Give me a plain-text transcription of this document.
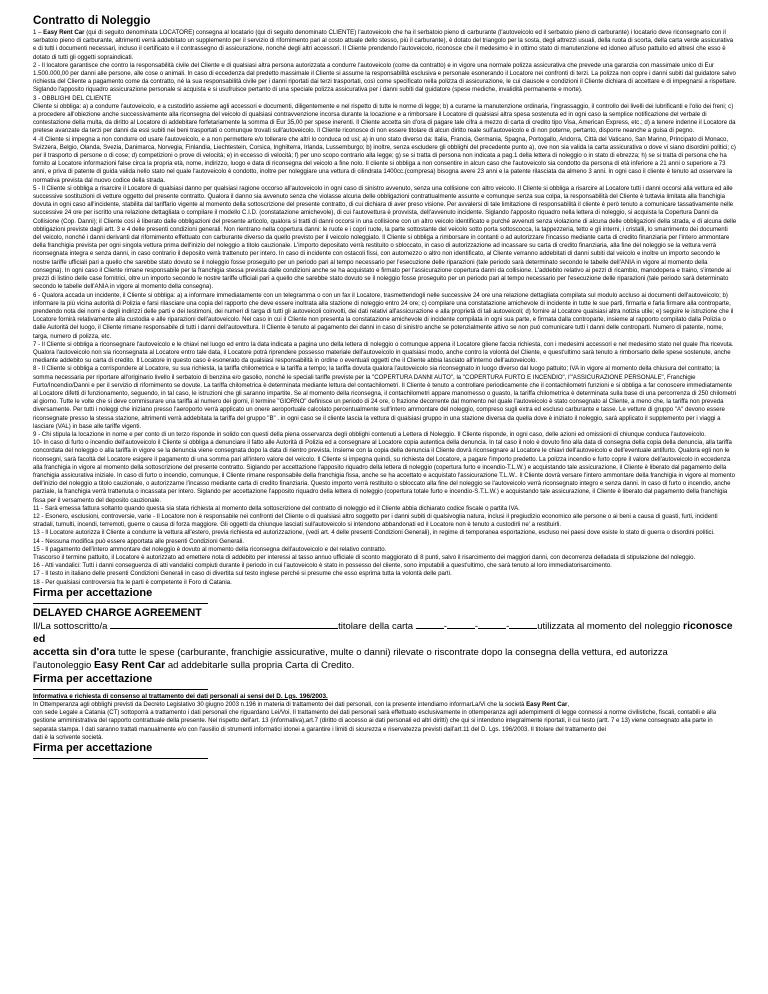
Contratto di Noleggio

1 – Easy Rent Car (qui di seguito denominata LOCATORE) consegna al locatario (qui di seguito denominato CLIENTE) l'autoveicolo che ha il serbatoio pieno di carburante (l'autoveicolo ed il serbatoio pieno di carburante) i locatario deve riconsegnarlo con il serbatoio pieno di carburante, altrimenti verrà addebitato un supplemento per il servizio di rifornimento pari al costo attuale dello stesso, più il carburante), è dotato del triangolo per la sosta, degli attrezzi usuali, della ruota di scorta, della carta verde assicurativa e di tutti i documenti necessari, incluso il certificato e il contrassegno di assicurazione, nonché degli altri accessori. Il Cliente prendendo l'autoveicolo, riconosce che il medesimo è in ottimo stato di manutenzione ed idoneo all'uso pattuito ed altresì che esso è dotato di tutti gli oggetti sopraindicati.

2 - Il locatore garantisce che contro la responsabilità civile del Cliente e di qualsiasi altra persona autorizzata a condurre l'autoveicolo (come da contratto) e in vigore una normale polizza assicurativa che prevede una garanzia con massimale unico di Eur 1.500.000,00 per danni alle persone, alle cose o animali. In caso di eccedenza dal predetto massimale il Cliente si assume la responsabilità esclusiva e personale esonerando il Locatore nei confronti di terzi. La polizza non copre i danni subiti dal guidatore salvo richiesta del Cliente a pagamento come da contratto, né la sua responsabilità civile per i danni riportati dai terzi trasportati, così come specificato nella polizza di assicurazione, le cui clausole e condizioni il Cliente dichiara di accettare e di impegnarsi a rispettare. Siglando l'apposito riquadro assicurazione personale si acquista e si usufruisce pertanto di una speciale polizza assicurativa per i danni subiti dal guidatore (spese mediche, invalidità permanente e morte).

3 - OBBLIGHI DEL CLIENTE

Cliente si obbliga: a) a condurre l'autoveicolo, e a custodirlo assieme agli accessori e documenti, diligentemente e nel rispetto di tutte le norme di legge; b) a curarne la manutenzione ordinaria, l'ingrassaggio, il controllo dei livelli dei lubrificanti e l'olio dei freni; c) a procedere all'obiezione anche successivamente alla riconsegna del veicolo di qualsiasi contravvenzione incorsa durante la locazione e a rimborsare il Locatore di qualsiasi altra spesa sostenuta ed in ogni caso la semplice notificazione del verbale di contestazione della multa, da diritto al Locatore di addebitare forfetariamente la somma di Eur 35,00 per spese inerenti. Il Cliente accetta sin d'ora di pagare tale cifra a mezzo di carta di credito tipo Visa, American Express, etc.; d) a tenere indenne il Locatore da pretese avanzate da terzi per danni da essi subiti nei beni trasportati o comunque trovati sull'autoveicolo. Il Cliente riconosce di non essere titolare di alcun diritto reale sull'autoveicolo e di non poterne, pertanto, disporre neanche a guisa di pegno.

4 -Il Cliente si impegna a non condurre od usare l'autoveicolo, e a non permettere e/o tollerare che altri lo conduca od usi; a) in uno stato diverso da: Italia, Francia, Germania, Spagna, Portogallo, Andorra, Città del Vaticano, San Marino, Principato di Monaco, Svizzera, Belgio, Olanda, Svezia, Danimarca, Norvegia, Finlandia, Liechtestein, Corsica, Inghilterra, Irlanda, Lussemburgo; b) inoltre, senza escludere gli obblighi del precedente punto a), ove non sia valida la carta assicurativa o dove vi siano disordini politici; c) per il trasporto di persone o di cose; d) competizioni o prove di velocità; e) in eccesso di velocità; f) per uno scopo contrario alla legge; g) se si tratta di persona non indicata a pag.1 della lettera di noleggio o in stato di ebrezza; h) se si tratta di persona che ha fornito al Locatore informazioni false circa la propria età, nome, indirizzo, luogo e data di riconsegna del veicolo a fine nolo. Il cliente si obbliga a non consentire in alcun caso che l'autoveicolo sia condotto da persona di età inferiore a 21 anni o superiore a 73 anni, e priva di patente di guida valida nello stato nel quale l'autoveicolo è condotto, inoltre per noleggiare una vettura di cilindrata 1400cc.(compresa) bisogna avere 23 anni e la patente rilasciata da almeno 3 anni. In ogni caso il cliente è tenuto ad osservare la normativa prevista dal nuovo codice della strada.

5 - Il Cliente si obbliga a risarcire il Locatore di qualsiasi danno per qualsiasi ragione occorso all'autoveicolo in ogni caso di sinistro avvenuto, senza una collisione con altro veicolo. Il Cliente si obbliga a risarcire al Locatore tutti i danni occorsi alla vettura ed alle successive sostituzioni di vetture oggetto del presente contratto. Qualora il danno sia avvenuto senza che violasse alcuna delle obbligazioni contrattualmente assunte e comunque senza sua colpa, la responsabilità del Cliente è tuttavia limitata alla franchigia dovuta in ogni caso all'incidente, stabilita dal tariffario vigente al momento della sottoscrizione del presente contratto, di cui dichiara di aver preso visione. Per avvalersi di tale limitazione di responsabilità il cliente è però tenuto a comunicare tassativamente nelle successive 24 ore per iscritto una relazione dettagliata o compilare il modello C.I.D. (constatazione amichevole), di cui l'autovettura è provvista, dell'avvenuto incidente. Siglando l'apposito riquadro nella lettera di noleggio, si acquista la Copertura Danni da Collisione (Cop. Danni); il Cliente così è liberato dalle obbligazioni del presente articolo, qualora si tratti di danni occorsi in una collisione con un altro veicolo identificato e purché avvenuti senza violazione di alcuna delle obbligazioni della strada, e di alcuna delle obbligazioni previste dagli artt. 3 e 4 delle presenti condizioni generali. Non rientrano nella copertura danni: le ruote e i copri ruote, la parte sottostante del veicolo sotto porta sottoscocca, la tappezzeria, tetto e gli interni, i cristalli, lo smarrimento dei documenti del veicolo, nonché i danni derivanti dal rifornimento effettuato con carburante diverso da quello previsto per il veicolo noleggiato. Il Cliente si obbliga a rimborsare in contanti o ad autorizzare l'incasso mediante carta di credito finanziaria per l'intero ammontare della franchigia prevista per ogni singola vettura prima dell'inizio del noleggio a titolo cauzionale. L'importo depositato verrà restituito o sbloccato, in caso di autorizzazione ad incassare su carta di credito finanziaria, alla fine del noleggio se la vettura verrà riconsegnata integra e senza danni, in caso contrario il deposito verrà trattenuto per intero. In caso di incidente con ostacoli fissi, con automezzo o altro non identificato, al Cliente verranno addebitati di danni subiti dal veicolo e inoltre un importo secondo le nostre tariffe ufficiali pari a quello che sarebbe stato dovuto se il noleggio fosse proseguito per un periodo pari al tempo necessario per l'esecuzione delle riparazioni (tale periodo sarà determinato secondo le tabelle dell'ANIA in vigore al momento della consegna). In ogni caso il Cliente rimane responsabile per la franchigia stessa prevista dalle condizioni anche se ha acquistato e firmato per l'assicurazione copertura danni da collisione. L'addebito relativo ai pezzi di ricambio, manodopera e traino, s'intende ai prezzi di listino delle case fornitrici, oltre un importo secondo le nostre tariffe ufficiali pari a quello che sarebbe stato dovuto se il noleggio fosse proseguito per un periodo pari al tempo necessario per l'esecuzione delle riparazioni (tale periodo sarà determinato secondo le tabelle dell'ANIA in vigore al momento della consegna).

6 - Qualora accada un incidente, il Cliente si obbliga: a) a informare immediatamente con un telegramma o con un fax il Locatore, trasmettendogli nelle successive 24 ore una relazione dettagliata compilata sul modulo accluso ai documenti dell'autoveicolo; b) informare la più vicina autorità di Polizia e farsi rilasciare una copia del rapporto che deve essere inoltrata alla stazione di noleggio entro 24 ore; c) compilare una constatazione amichevole di incidente in tutte le sue parti, firmarla e farla firmare alla controparte, prendendo nota dei nomi e degli indirizzi delle parti e dei testimoni, dei numeri di targa di tutti gli autoveicoli coinvolti, dei dati relativi all'assicurazione e alla proprietà di tali autoveicoli; d) fornire al Locatore qualsiasi altra notizia utile; e) seguire le istruzione che il Locatore fornirà relativamente alla custodia e alle riparazioni dell'autoveicolo. Nel caso in cui il Cliente non presenta la constatazione amichevole di incidente compilata in ogni sua parte, e firmata dalla controparte, insieme al rapporto compilato dalla Polizia o dalle Autorità del luogo, il Cliente rimane responsabile di tutti i danni dell'autovettura. Il Cliente è tenuto al pagamento dei danni in caso di sinistro anche se potenzialmente attivo se non può comunicare tutti i danni delle controparti. Numero di patente, nome, targa, numero di polizza, etc.

7 - Il Cliente si obbliga a riconsegnare l'autoveicolo e le chiavi nel luogo ed entro la data indicata a pagina uno della lettera di noleggio o comunque appena il Locatore gliene faccia richiesta, con i medesimi accessori e nel medesimo stato nel quale l'ha ricevuta. Qualora l'autoveicolo non sia riconsegnata al Locatore entro tale data, il Locatore potrà riprendere possesso materiale dell'autoveicolo in qualsiasi modo, anche contro la volontà del Cliente, e quest'ultimo sarà tenuto a rimborsarlo delle spese sostenute, anche mediante addebito su carta di credito. Il Locatore in questo caso è esonerato da qualsiasi responsabilità in ordine o eventuali oggetti che il Cliente abbia lasciato all'interno dell'autoveicolo.

8 - Il Cliente si obbliga a corrispondere al Locatore, su sua richiesta, la tariffa chilometrica e la tariffa a tempo; la tariffa dovuta qualora l'autoveicolo sia riconsegnato in luogo diverso dal luogo pattuito; IVA in vigore al momento della chiusura del contratto; la somma necessaria per riportare all'originario livello il serbatoio di benzina e/o gasolio, nonché le speciali tariffe previste per la "COPERTURA DANNI AUTO", la "COPERTURA FURTO E INCENDIO", l'"ASSICURAZIONE PERSONALE", Franchigie Furto/Incendio/Danni e per il servizio di rifornimento se dovute. La tariffa chilometrica è determinata mediante lettura del contachilometri. Il Cliente è tenuto a controllare periodicamente che il contachilometri funzioni e si obbliga a far conoscere immediatamente al Locatore difetti di funzionamento, seguendo, in tal caso, le istruzioni che gli saranno impartite. Se al momento della riconsegna, il contachilometri appare manomesso o guasto, la tariffa chilometrica è determinata sulla base di una percorrenza di 250 chilometri al giorno. Tutte le volte che si deve commisurare una tariffa al numero dei giorni, il termine "GIORNO" definisce un periodo di 24 ore, o frazione decorrente dal momento nel quale l'autoveicolo è stato consegnato al Cliente, a meno che, la tariffa non preveda diversamente. Per tutti i noleggi che iniziano presso l'aeroporto verrà applicato un onere aeroportuale calcolato percentualmente sull'intero ammontare del noleggio, compreso sugli extra ed escluso carburante e tasse. Le vetture di gruppo "A" devono essere riconsegnate presso la stessa stazione, altrimenti verrà addebitata la tariffa del gruppo "B" . in ogni caso se il cliente lascia la vettura di qualsiasi gruppo in una stazione diversa da quella dove è iniziato il noleggio, sarà applicato il supplemento per i viaggi a lasciare (VAL) in base alle tariffe vigenti.

9 - Chi stipula la locazione in nome e per conto di un terzo risponde in solido con questi della piena osservanza degli obblighi contenuti a Lettera di Noleggio. Il Cliente risponde, in ogni caso, delle azioni ed omissioni di chiunque conduca l'autoveicolo.

10- In caso di furto o incendio dell'autoveicolo il Cliente si obbliga a denunciare il fatto alle Autorità di Polizia ed a consegnare al Locatore copia autentica della denuncia. In tal caso il nolo è dovuto fino alla data di consegna della copia della denuncia, alla tariffa concordata del noleggio o alla tariffa in vigore se la denuncia viene consegnata dopo la data di rientro prevista. Insieme con la copia della denuncia il Cliente dovrà riconsegnare al Locatore le chiavi dell'autoveicolo e dell'eventuale antifurto. Qualora egli non le riconsegni, sarà facoltà del Locatore esigere il pagamento di una somma pari all'intero valore del veicolo. Il Cliente si impegna quindi, su richiesta del Locatore, a pagare l'importo predetto. La polizza incendio e furto copre il valore dell'autoveicolo in eccedenza alla franchigia in vigore al momento della sottoscrizione del presente contratto. Siglando per accettazione l'apposito riquadro della lettera di noleggio (copertura furto e incendio-T.L.W.) e acquistando tale assicurazione, il Cliente è liberato dal pagamento della franchigia assicurativa iniziale. In caso di furto o incendio, comunque, il Cliente rimane responsabile della franchigia fissa, anche se ha accettato e acquistato l'assicurazione T.L.W.. Il Cliente dovrà versare l'intero ammontare della franchigia in vigore al momento dell'inizio del noleggio a titolo cauzionale, o autorizzarne l'incasso mediante carta di credito finanziaria. Questo importo verrà restituito o sbloccato alla fine del noleggio se l'autoveicolo verrà riconsegnato integro e senza danni. In caso di furto o incendio, anche parziale, la franchigia verrà trattenuta o incassata per intero. Siglando per accettazione l'apposito riquadro della lettera di noleggio (copertura totale furto e incendio-S.T.L.W.) e acquistando tale assicurazione, il Cliente è liberato dal pagamento della franchigia fissa per il versamento del deposito cauzionale.

11 - Sarà emessa fattura soltanto quando questa sia stata richiesta al momento della sottoscrizione del contratto di noleggio ed il Cliente abbia dichiarato codice fiscale o partita IVA.

12 - Esonero, esclusioni, controversie, varie - Il Locatore non è responsabile nei confronti del Cliente o di qualsiasi altro soggetto per i danni subiti di qualsivoglia natura, inclusi il pregiudizio economico alle persone o ai beni a causa di guasti, furti, incidenti stradali, tumulti, incendi, terremoti, guerre o causa di forza maggiore. Gli oggetti da chiunque lasciati sull'autoveicolo si intendono abbandonati ed il Locatore non è tenuto a custodirli ne' a restituirli.

13 - Il Locatore autorizza il Cliente a condurre la vettura all'estero, previa richiesta ed autorizzazione, (vedi art. 4 delle presenti Condizioni Generali), in regime di temporanea esportazione, escluso nei paesi dove esiste lo stato di guerra o disordini politici.

14 - Nessuna modifica può essere apportata alle presenti Condizioni Generali.

15 - Il pagamento dell'intero ammontare del noleggio è dovuto al momento della riconsegna dell'autoveicolo e del relativo contratto.

Trascorso il termine pattuito, il Locatore è autorizzato ad emettere nota di addebito per interessi al tasso annuo ufficiale di sconto maggiorato di 8 punti, salvo il risarcimento dei maggiori danni, con decorrenza delladata di stipulazione del noleggio.

16 - Atti vandalici: Tutti i danni conseguenza di atti vandalici compiuti durante il periodo in cui l'autoveicolo è stato in possesso del cliente, sono imputabili a quest'ultimo, che sarà tenuto al loro immediatorisarcimento.

17 - Il testo in italiano delle presenti Condizioni Generali in caso di divertita sul testo inglese perché si presume che esso esprima tutta la volontà delle parti.

18 - Per qualsiasi controversia fra le parti è competente il Foro di Catania.

Firma per accettazione
DELAYED CHARGE AGREEMENT

Il/La sottoscritto/a	titolare della carta	-	-	-	utilizzata al momento del noleggio riconosce ed
accetta sin d'ora tutte le spese (carburante, franchigie assicurative, multe o danni) rilevate o riscontrate dopo la consegna della vettura, ed autorizza
l'autonoleggio Easy Rent Car ad addebitarle sulla propria Carta di Credito.

Firma per accettazione
Informativa e richiesta di consenso al trattamento dei dati personali ai sensi del D. Lgs. 196/2003.

In Ottemperanza agli obblighi previsti da Decreto Legislativo 30 giugno 2003 n.196 in materia di trattamento dei dati personali, con la presente intendiamo informarLa/Vi che la società Easy Rent Car,

con sede Legale a Catania (CT) sottoporrà a trattamento i dati personali che riguardano Lei/Voi. Il trattamento dei dati personali sarà effettuato esclusivamente in ottemperanza agli adempimenti di legge connessi a norme civilistiche, fiscali, contabili e alla gestione amministrativa del rapporto contrattuale della presente. Nel rispetto dell'art. 13 (informativa),art.7 (diritto di accesso ai dati personali ed altri diritti) che qui si intendono integralmente riportati, il cui testo (artt. 7 e 13) viene consegnato alla parte in separata stampa. I dati saranno trattati manualmente e/o con l'ausilio di strumenti informatici idonei a garantire i limiti di sicurezza e riservatezza previsti dall'art.11 del D. Lgs. 196/2003. Il titolare del trattamento dei

dati è la scrivente società.

Firma per accettazione
